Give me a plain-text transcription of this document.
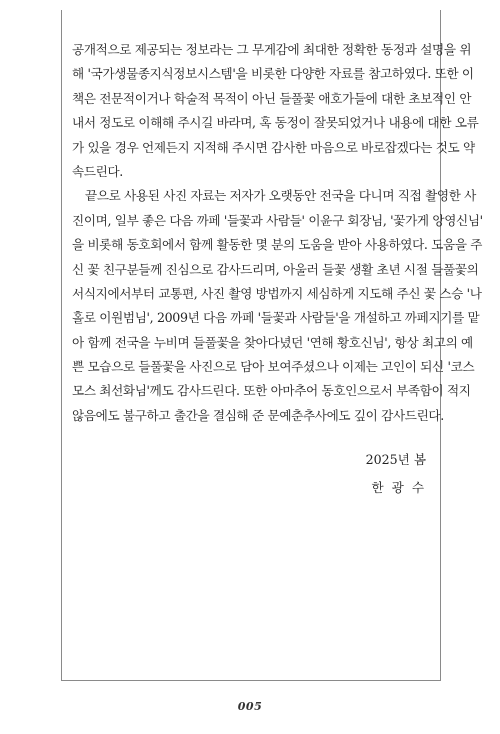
공개적으로 제공되는 정보라는 그 무게감에 최대한 정확한 동정과 설명을 위
해 '국가생물종지식정보시스템'을 비롯한 다양한 자료를 참고하였다. 또한 이
책은 전문적이거나 학술적 목적이 아닌 들풀꽃 애호가들에 대한 초보적인 안
내서 정도로 이해해 주시길 바라며, 혹 동정이 잘못되었거나 내용에 대한 오류
가 있을 경우 언제든지 지적해 주시면 감사한 마음으로 바로잡겠다는 것도 약
속드린다.
끝으로 사용된 사진 자료는 저자가 오랫동안 전국을 다니며 직접 촬영한 사
진이며, 일부 좋은 다음 까페 '들꽃과 사람들' 이윤구 회장님, '꽃가게 앙영신님'
을 비롯해 동호회에서 함께 활동한 몇 분의 도움을 받아 사용하였다. 도움을 주
신 꽃 친구분들께 진심으로 감사드리며, 아울러 들꽃 생활 초년 시절 들풀꽃의
서식지에서부터 교통편, 사진 촬영 방법까지 세심하게 지도해 주신 꽃 스승 '나
홀로 이원범님', 2009년 다음 까페 '들꽃과 사람들'을 개설하고 까페지기를 맡
아 함께 전국을 누비며 들풀꽃을 찾아다녔던 '연해 황호신님', 항상 최고의 예
쁜 모습으로 들풀꽃을 사진으로 담아 보여주셨으나 이제는 고인이 되신 '코스
모스 최선화님'께도 감사드린다. 또한 아마추어 동호인으로서 부족함이 적지
않음에도 불구하고 출간을 결심해 준 문예춘추사에도 깊이 감사드린다.
2025년 봄
한 광 수
005
